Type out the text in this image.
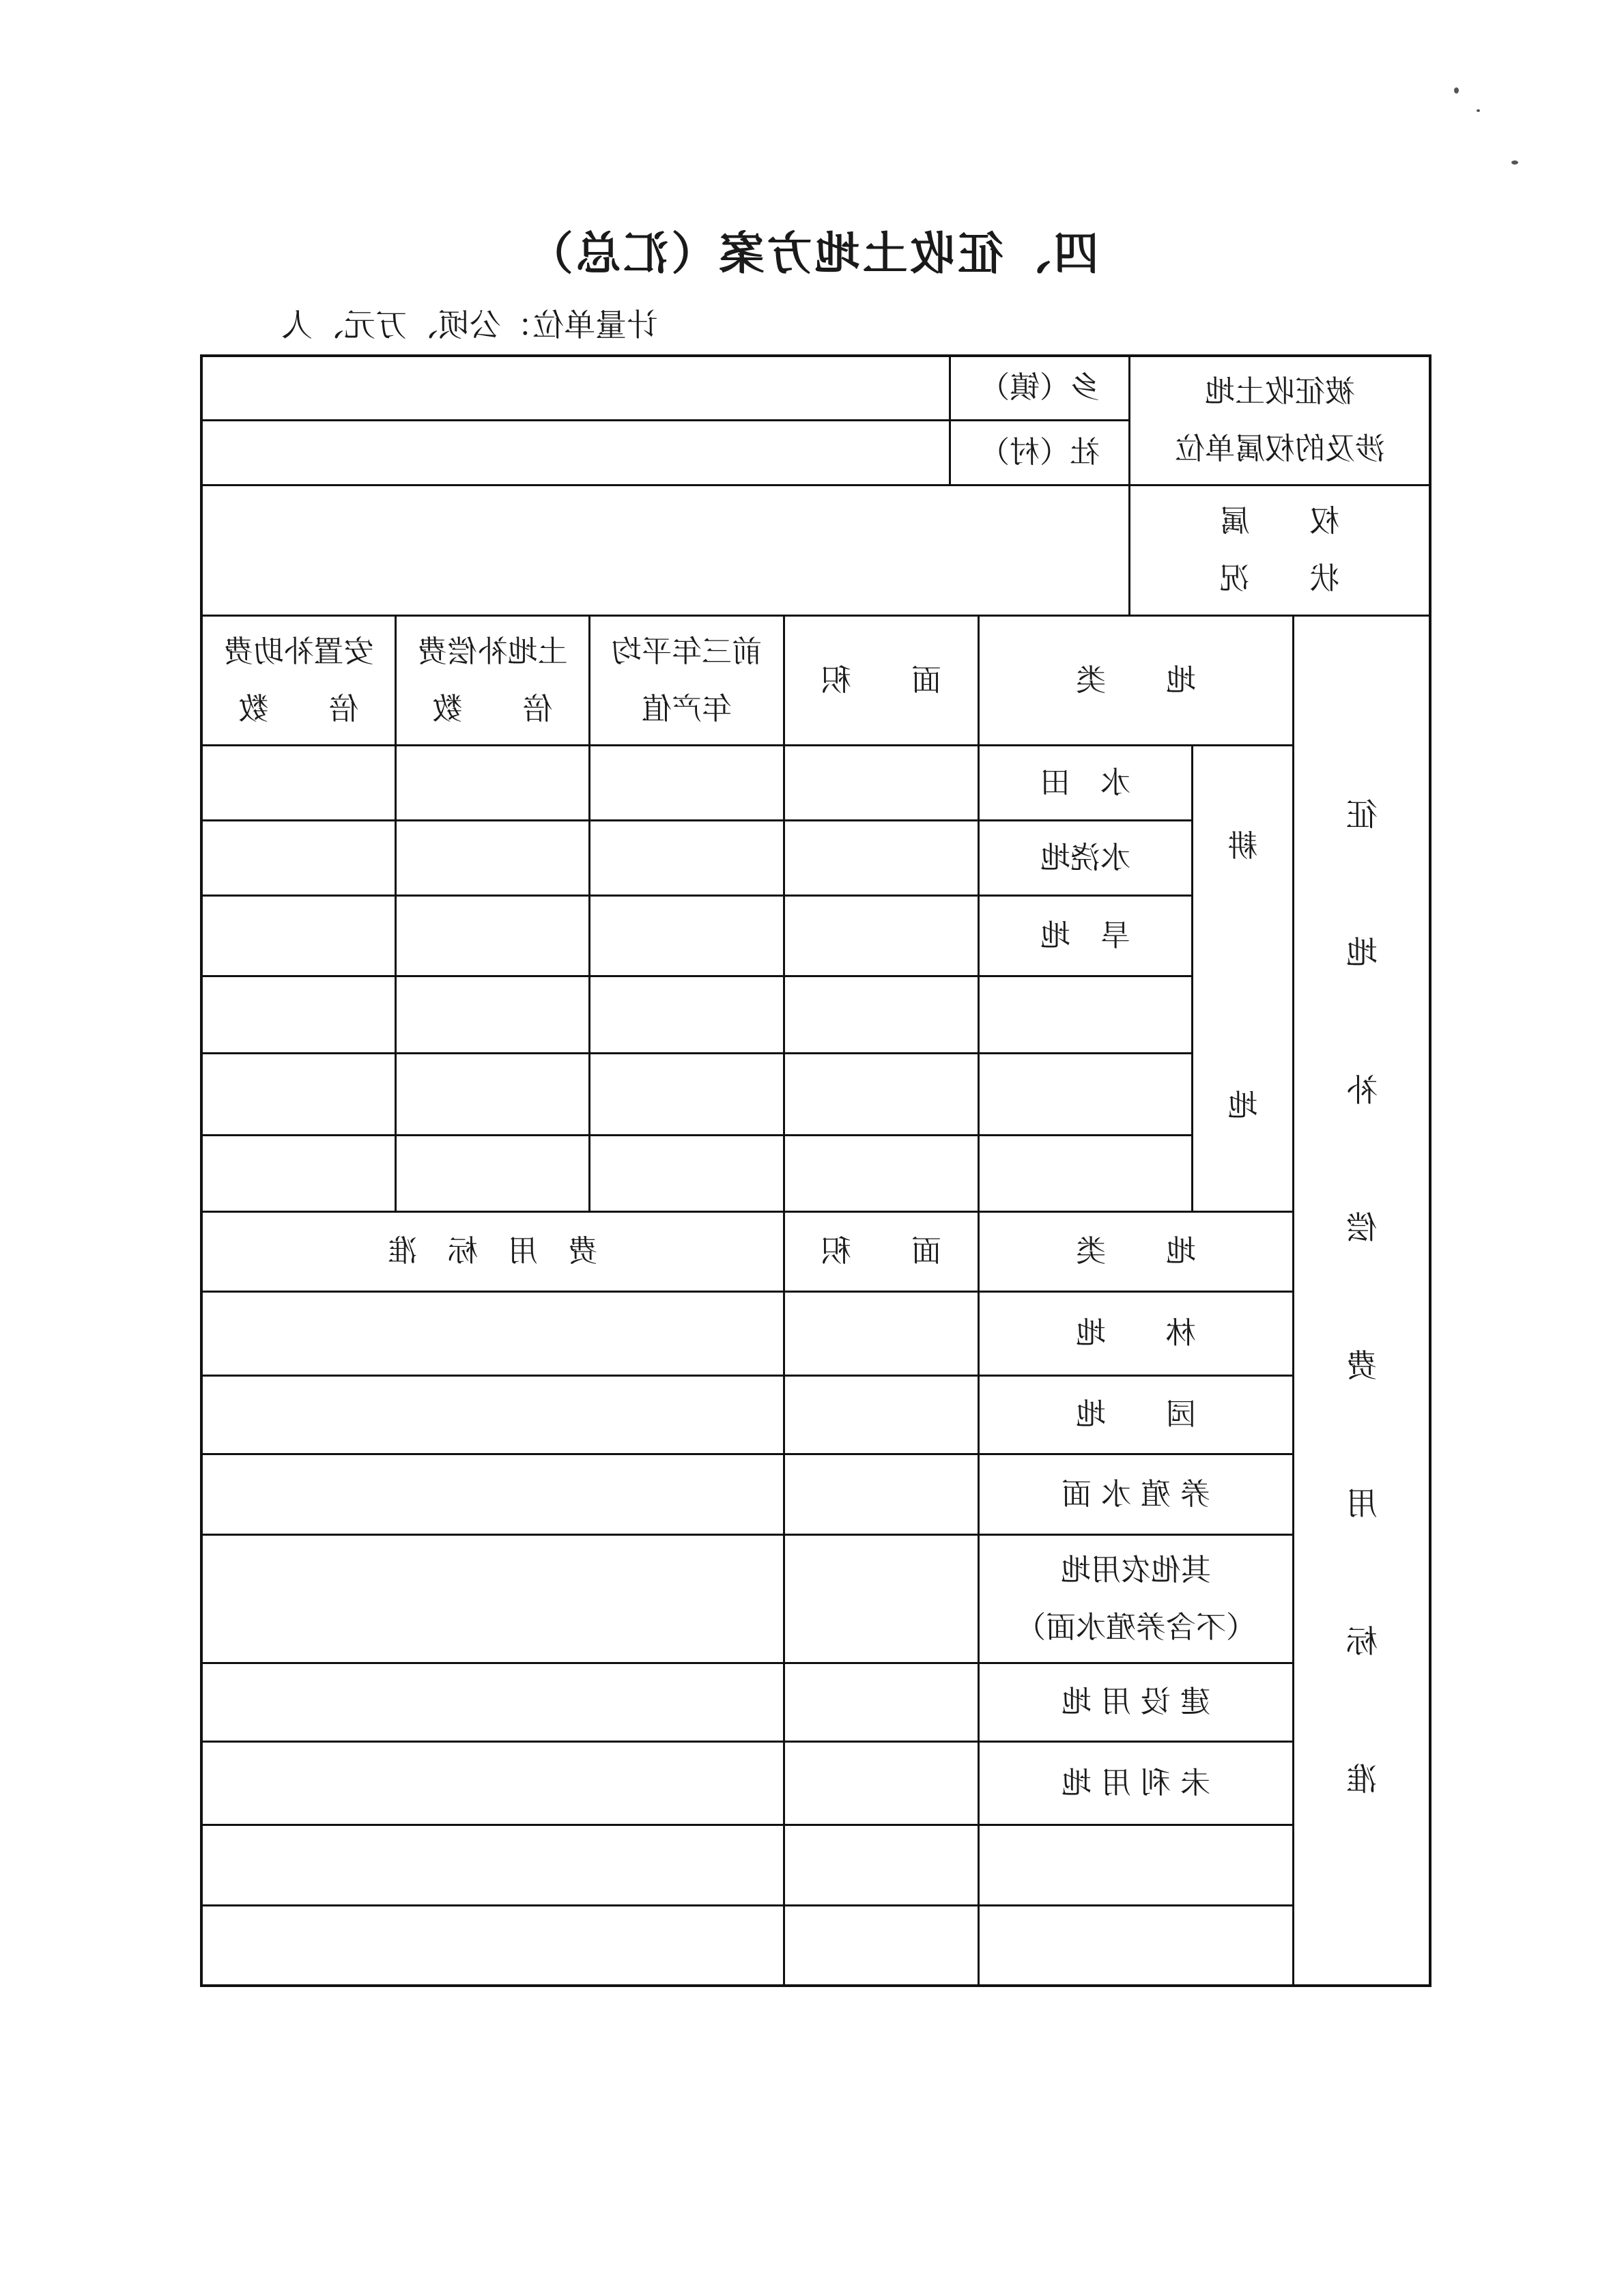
四、征收土地方案（汇总）
计量单位：公顷、万元、人
被征收土地
涉及的权属单位
乡（镇）
社（村）
权　　属
状　　况
地　　类
面　　积
前三年平均
年产值
土地补偿费
倍　　数
安置补助费
倍　　数
征
地
补
偿
费
用
标
准
耕
地
水　田
水浇地
旱　地
地　　类
面　　积
费　用　标　准
林　　地
园　　地
养 殖 水 面
其他农用地
（不含养殖水面）
建 设 用 地
未 利 用 地
